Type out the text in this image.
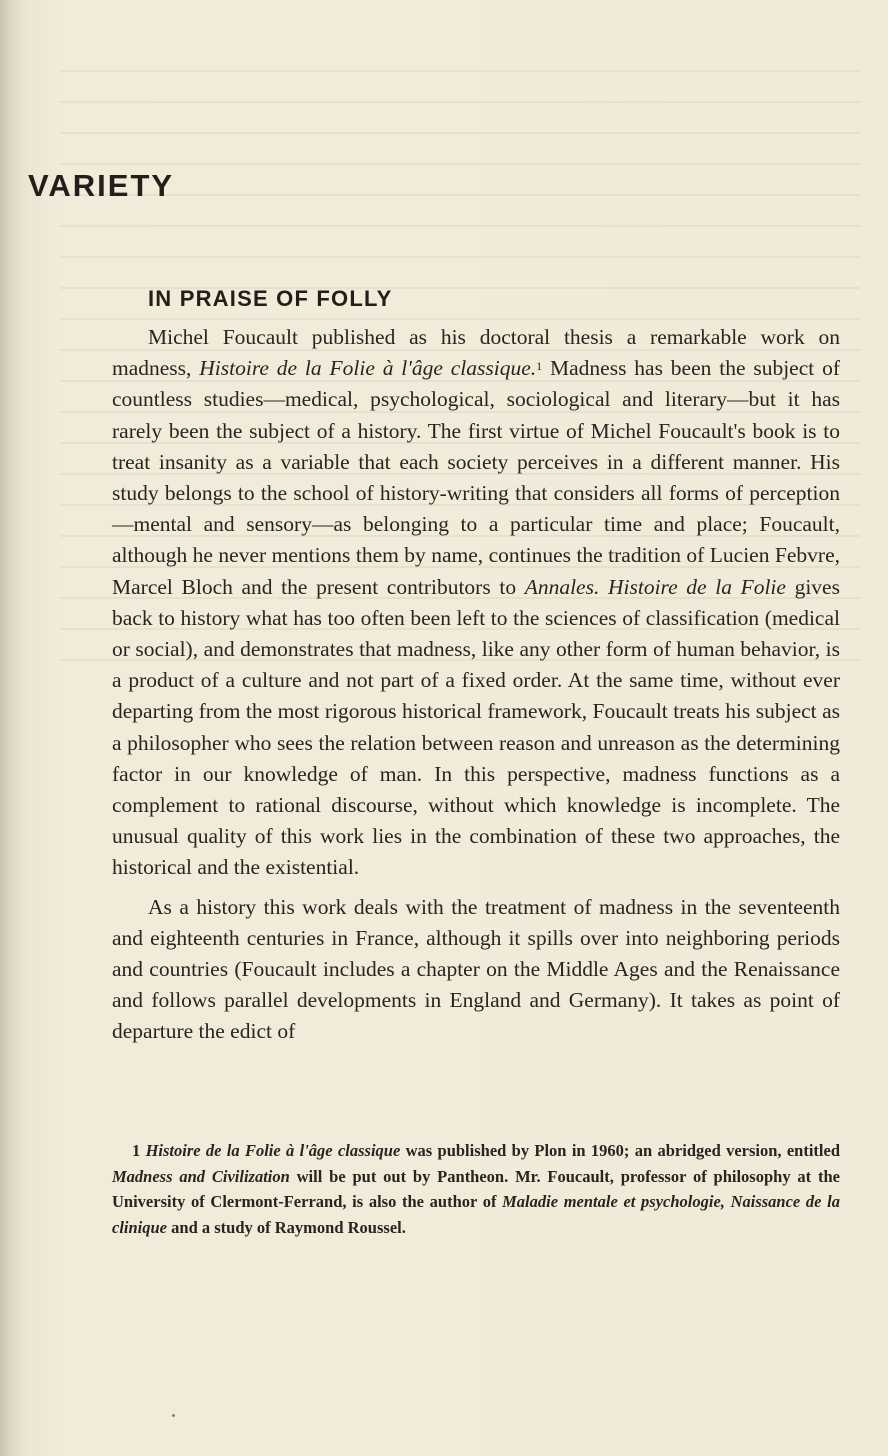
VARIETY
IN PRAISE OF FOLLY

Michel Foucault published as his doctoral thesis a remarkable work on madness, Histoire de la Folie à l'âge classique.$^1$ Madness has been the subject of countless studies—medical, psychological, sociological and literary—but it has rarely been the subject of a history. The first virtue of Michel Foucault's book is to treat insanity as a variable that each society perceives in a different manner. His study belongs to the school of history-writing that considers all forms of perception—mental and sensory—as belonging to a particular time and place; Foucault, although he never mentions them by name, continues the tradition of Lucien Febvre, Marcel Bloch and the present contributors to Annales. Histoire de la Folie gives back to history what has too often been left to the sciences of classification (medical or social), and demonstrates that madness, like any other form of human behavior, is a product of a culture and not part of a fixed order. At the same time, without ever departing from the most rigorous historical framework, Foucault treats his subject as a philosopher who sees the relation between reason and unreason as the determining factor in our knowledge of man. In this perspective, madness functions as a complement to rational discourse, without which knowledge is incomplete. The unusual quality of this work lies in the combination of these two approaches, the historical and the existential.

As a history this work deals with the treatment of madness in the seventeenth and eighteenth centuries in France, although it spills over into neighboring periods and countries (Foucault includes a chapter on the Middle Ages and the Renaissance and follows parallel developments in England and Germany). It takes as point of departure the edict of

1 Histoire de la Folie à l'âge classique was published by Plon in 1960; an abridged version, entitled Madness and Civilization will be put out by Pantheon. Mr. Foucault, professor of philosophy at the University of Clermont-Ferrand, is also the author of Maladie mentale et psychologie, Naissance de la clinique and a study of Raymond Roussel.
